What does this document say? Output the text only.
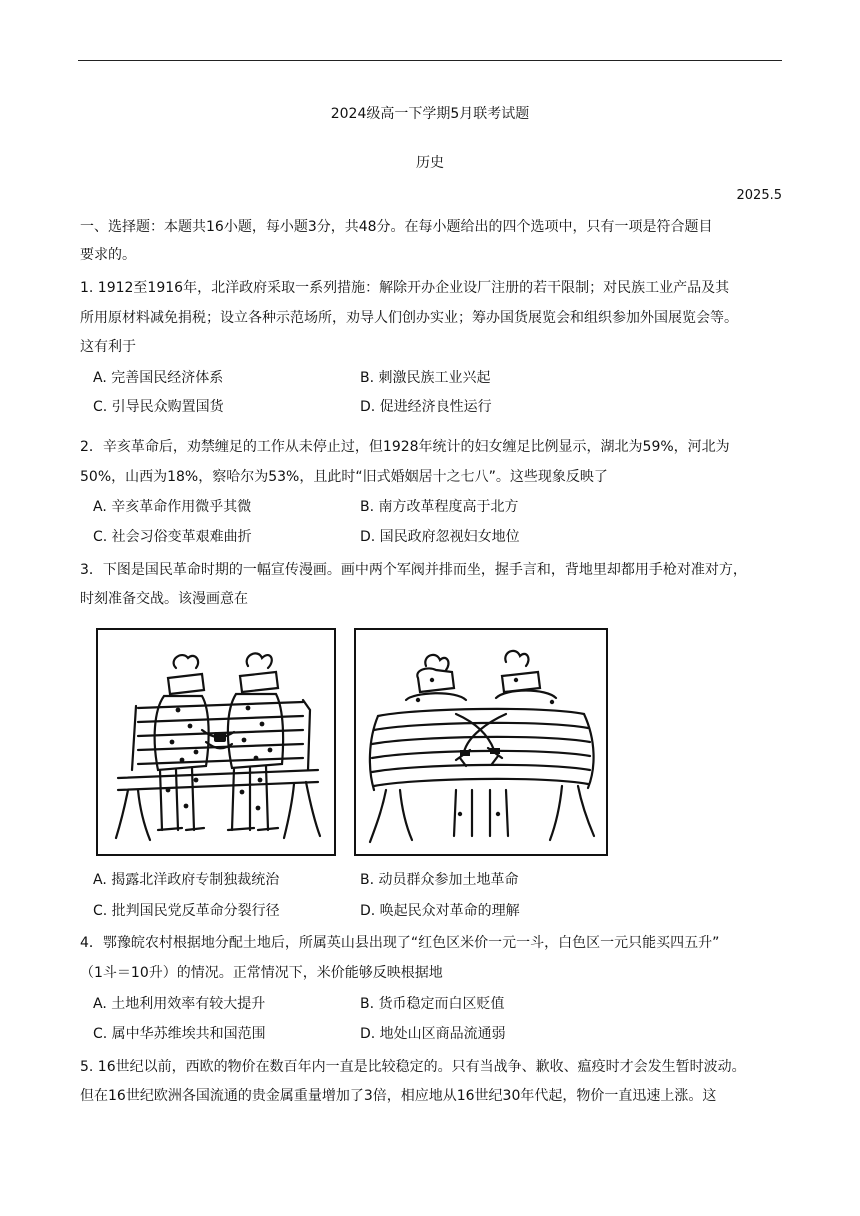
2024级高一下学期5月联考试题
历史
2025.5
一、选择题：本题共16小题，每小题3分，共48分。在每小题给出的四个选项中，只有一项是符合题目
要求的。
1. 1912至1916年，北洋政府采取一系列措施：解除开办企业设厂注册的若干限制；对民族工业产品及其
所用原材料减免捐税；设立各种示范场所，劝导人们创办实业；筹办国货展览会和组织参加外国展览会等。
这有利于
A. 完善国民经济体系	B. 刺激民族工业兴起
C. 引导民众购置国货	D. 促进经济良性运行
2．辛亥革命后，劝禁缠足的工作从未停止过，但1928年统计的妇女缠足比例显示，湖北为59%，河北为
50%，山西为18%，察哈尔为53%，且此时“旧式婚姻居十之七八”。这些现象反映了
A. 辛亥革命作用微乎其微	B. 南方改革程度高于北方
C. 社会习俗变革艰难曲折	D. 国民政府忽视妇女地位
3．下图是国民革命时期的一幅宣传漫画。画中两个军阀并排而坐，握手言和，背地里却都用手枪对准对方，
时刻准备交战。该漫画意在
A. 揭露北洋政府专制独裁统治	B. 动员群众参加土地革命
C. 批判国民党反革命分裂行径	D. 唤起民众对革命的理解
4．鄂豫皖农村根据地分配土地后，所属英山县出现了“红色区米价一元一斗，白色区一元只能买四五升”
（1斗＝10升）的情况。正常情况下，米价能够反映根据地
A. 土地利用效率有较大提升	B. 货币稳定而白区贬值
C. 属中华苏维埃共和国范围	D. 地处山区商品流通弱
5. 16世纪以前，西欧的物价在数百年内一直是比较稳定的。只有当战争、歉收、瘟疫时才会发生暂时波动。
但在16世纪欧洲各国流通的贵金属重量增加了3倍，相应地从16世纪30年代起，物价一直迅速上涨。这
